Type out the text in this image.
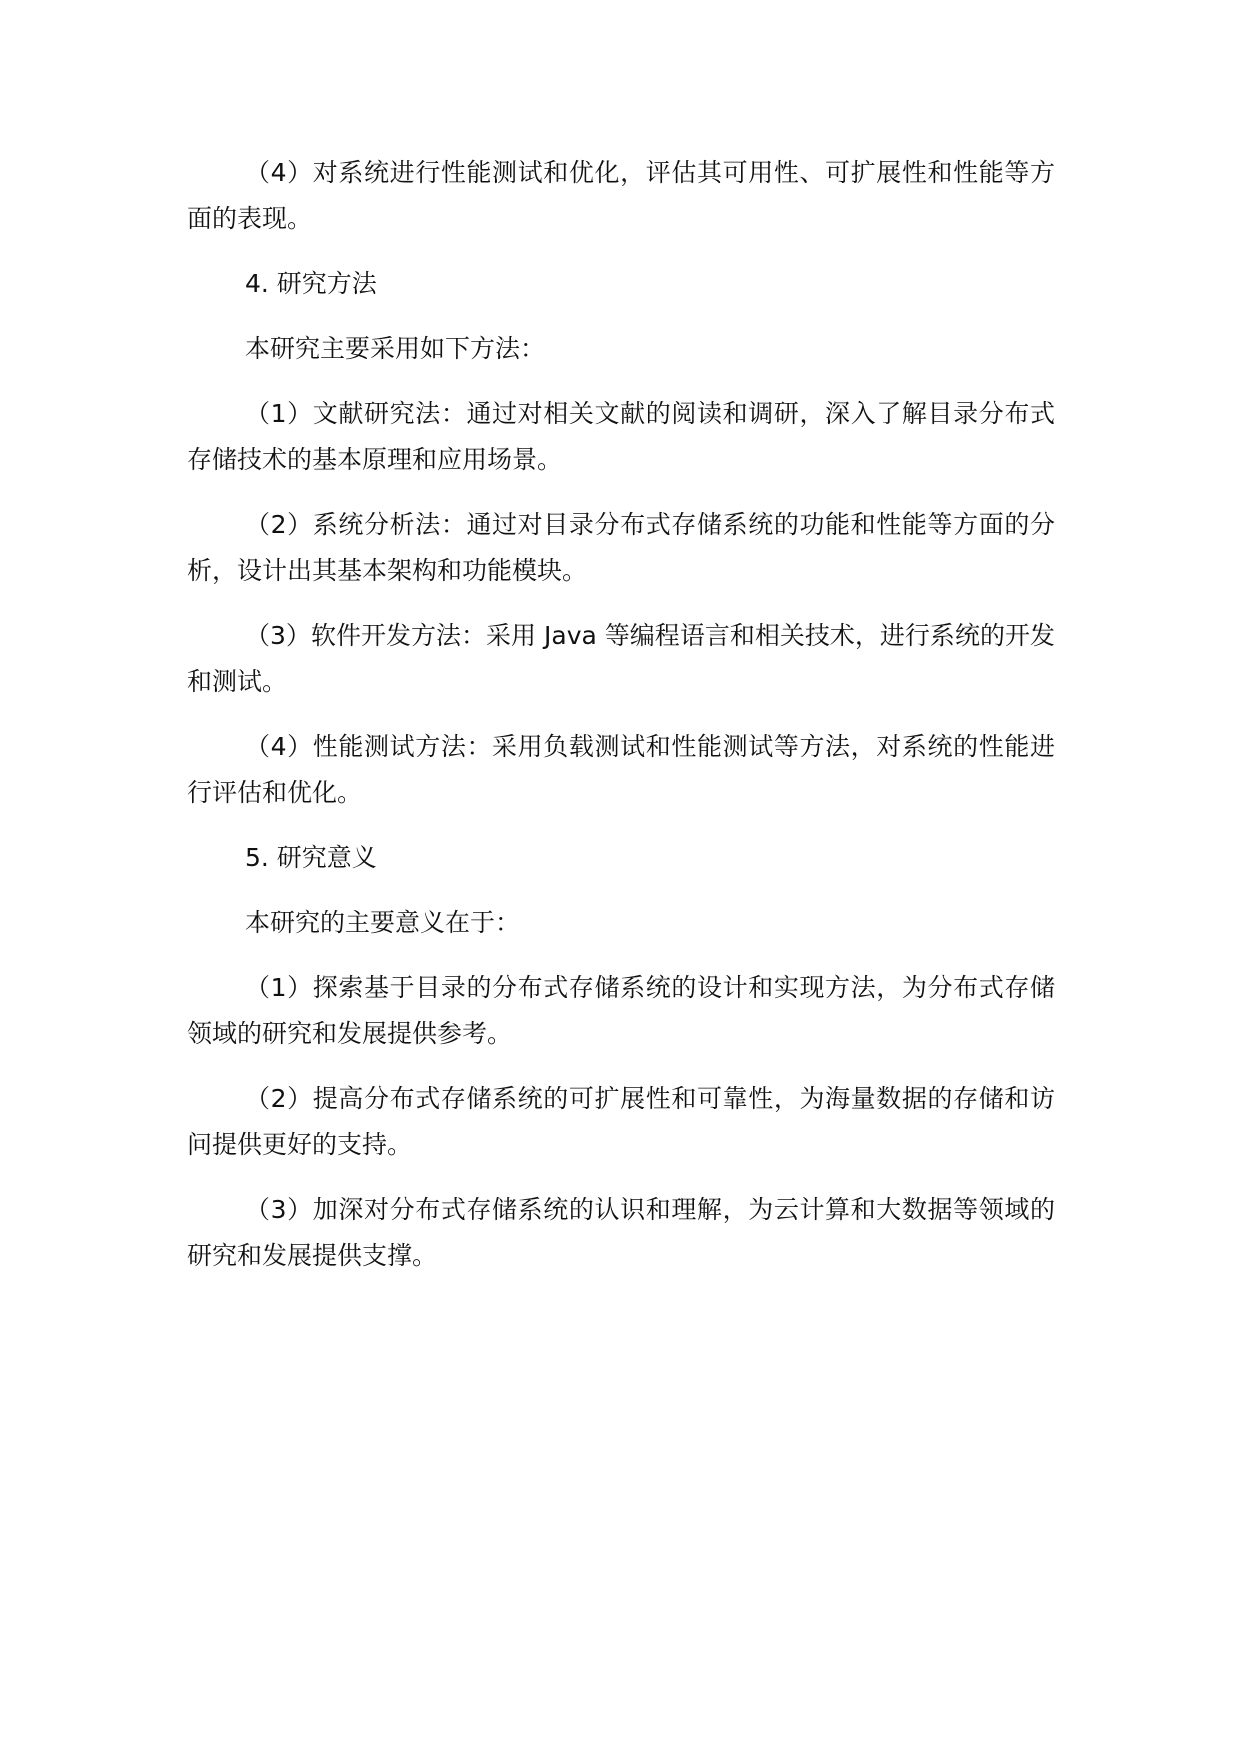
（4）对系统进行性能测试和优化，评估其可用性、可扩展性和性能等方面的表现。

4. 研究方法

本研究主要采用如下方法：

（1）文献研究法：通过对相关文献的阅读和调研，深入了解目录分布式存储技术的基本原理和应用场景。

（2）系统分析法：通过对目录分布式存储系统的功能和性能等方面的分析，设计出其基本架构和功能模块。

（3）软件开发方法：采用 Java 等编程语言和相关技术，进行系统的开发和测试。

（4）性能测试方法：采用负载测试和性能测试等方法，对系统的性能进行评估和优化。

5. 研究意义

本研究的主要意义在于：

（1）探索基于目录的分布式存储系统的设计和实现方法，为分布式存储领域的研究和发展提供参考。

（2）提高分布式存储系统的可扩展性和可靠性，为海量数据的存储和访问提供更好的支持。

（3）加深对分布式存储系统的认识和理解，为云计算和大数据等领域的研究和发展提供支撑。
